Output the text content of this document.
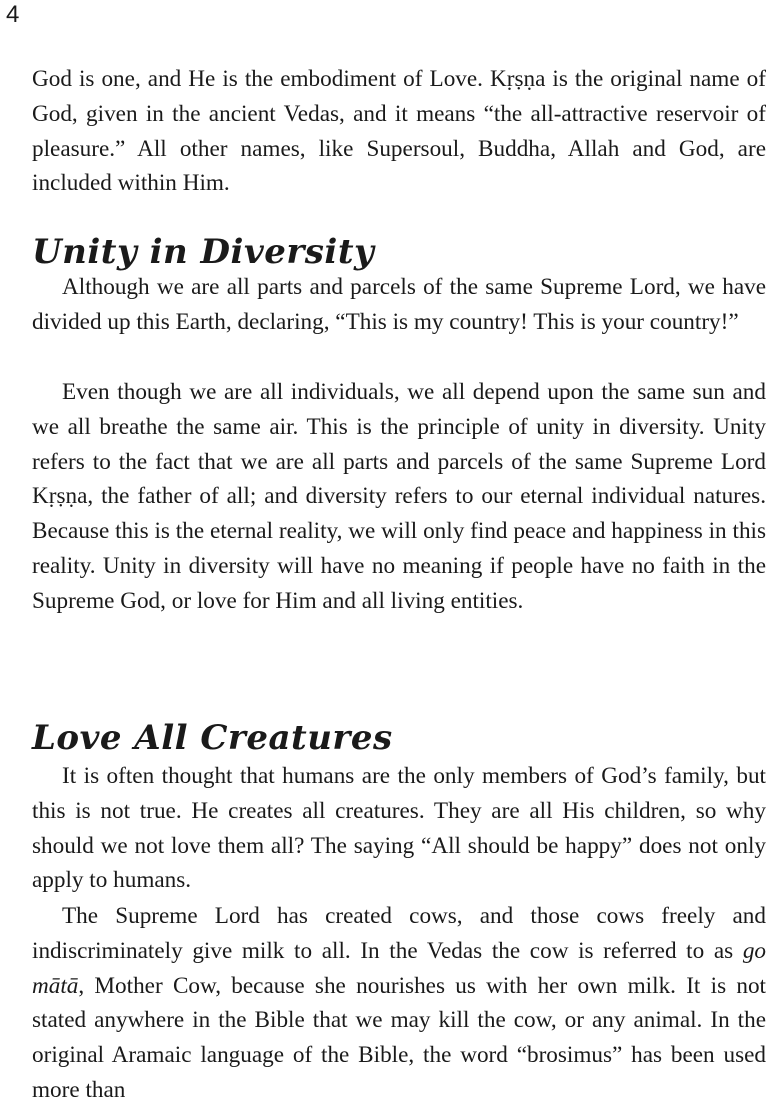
4

God is one, and He is the embodiment of Love. Kṛṣṇa is the original name of God, given in the ancient Vedas, and it means “the all-attractive reservoir of pleasure.” All other names, like Supersoul, Buddha, Allah and God, are included within Him.

Unity in Diversity

Although we are all parts and parcels of the same Supreme Lord, we have divided up this Earth, declaring, “This is my country! This is your country!”

Even though we are all individuals, we all depend upon the same sun and we all breathe the same air. This is the principle of unity in diversity. Unity refers to the fact that we are all parts and parcels of the same Supreme Lord Kṛṣṇa, the father of all; and diversity refers to our eternal individual natures. Because this is the eternal reality, we will only find peace and happiness in this reality. Unity in diversity will have no meaning if people have no faith in the Supreme God, or love for Him and all living entities.

Love All Creatures

It is often thought that humans are the only members of God’s family, but this is not true. He creates all creatures. They are all His children, so why should we not love them all? The saying “All should be happy” does not only apply to humans.

The Supreme Lord has created cows, and those cows freely and indiscriminately give milk to all. In the Vedas the cow is referred to as go mātā, Mother Cow, because she nourishes us with her own milk. It is not stated anywhere in the Bible that we may kill the cow, or any animal. In the original Aramaic language of the Bible, the word “brosimus” has been used more than
